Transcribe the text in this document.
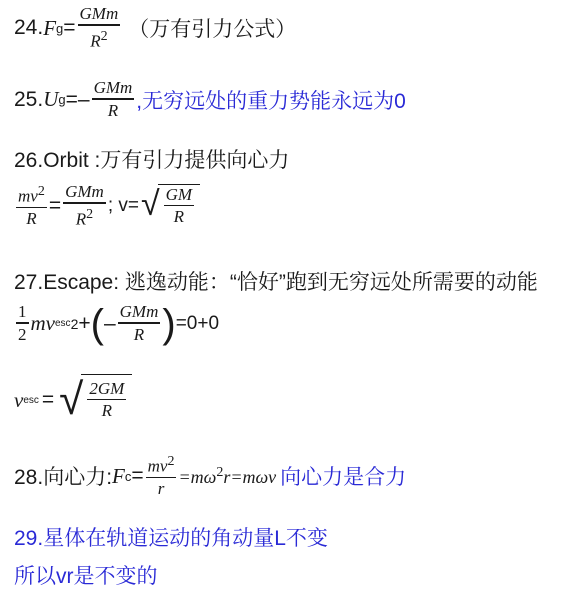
24. F $g = \frac{\text{GMm}}{R^2}$ （万有引力公式）
25. U $g =- \frac{\text{GMm}}{R}$ ,无穷远处的重力势能永远为0
26.Orbit :万有引力提供向心力
$\frac{mv^2}{R} = \frac{\text{GMm}}{R^2}$ ; v= √ $\frac{GM}{R}$
27.Escape: 逃逸动能：“恰好”跑到无穷远处所需要的动能
$\frac{1}{2}$ mv esc 2 + ( – $\frac{\text{GMm}}{R}$ ) =0+0
v esc = √ $\frac{2GM}{R}$
28.向心力: F $c = \frac{mv^2}{r} =m\omega^2r=m\omega v$ 向心力是合力
29.星体在轨道运动的角动量L不变
所以vr是不变的
